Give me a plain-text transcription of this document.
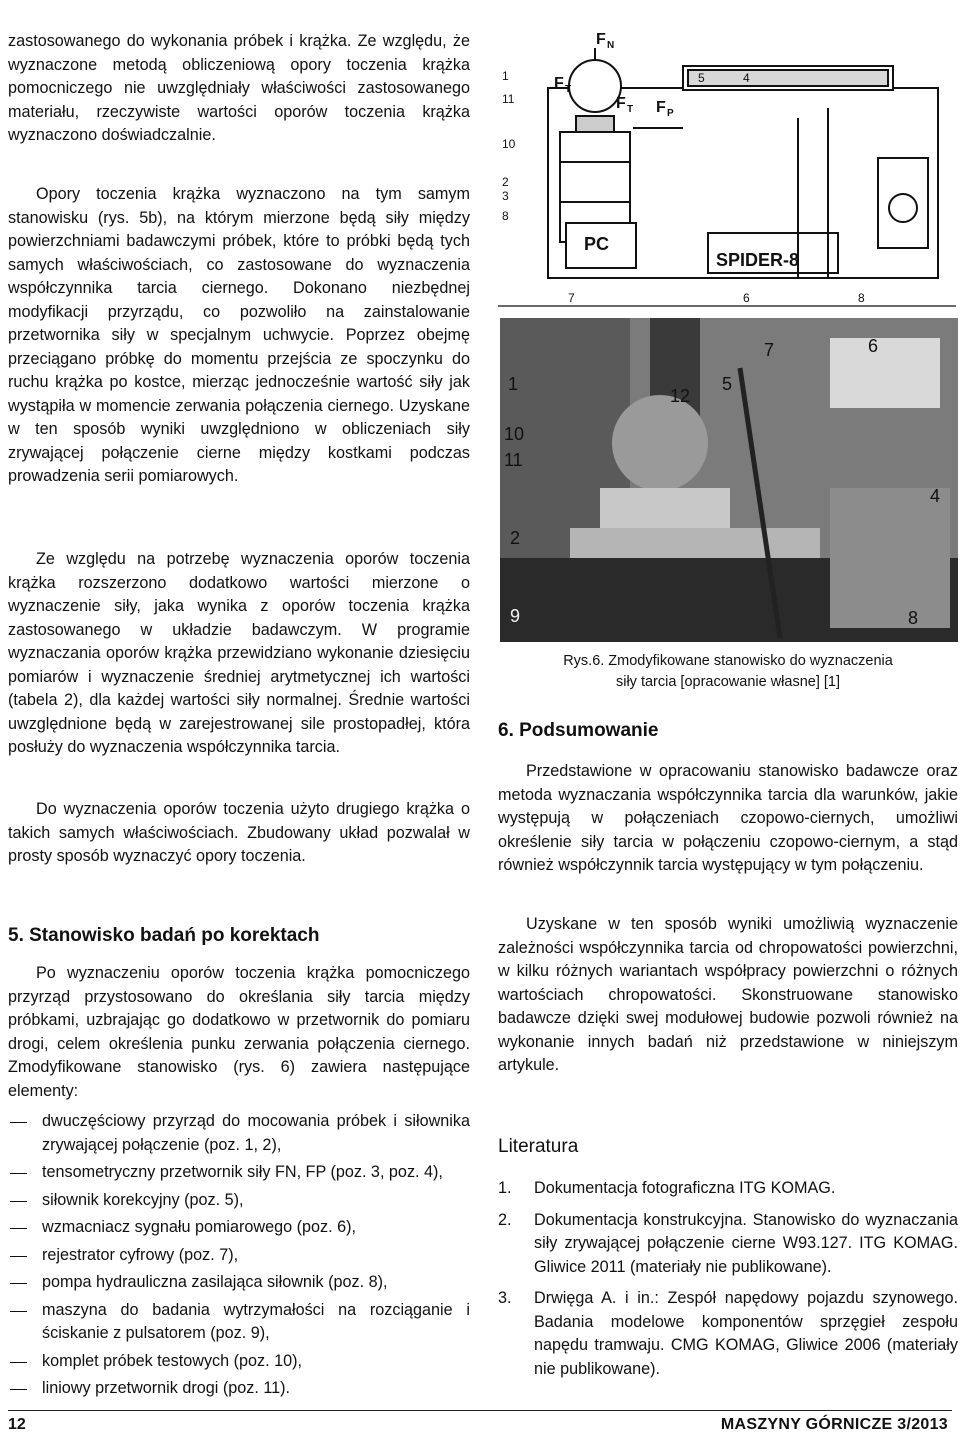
zastosowanego do wykonania próbek i krążka. Ze względu, że wyznaczone metodą obliczeniową opory toczenia krążka pomocniczego nie uwzględniały właściwości zastosowanego materiału, rzeczywiste wartości oporów toczenia krążka wyznaczono doświadczalnie.

Opory toczenia krążka wyznaczono na tym samym stanowisku (rys. 5b), na którym mierzone będą siły między powierzchniami badawczymi próbek, które to próbki będą tych samych właściwościach, co zastosowane do wyznaczenia współczynnika tarcia ciernego. Dokonano niezbędnej modyfikacji przyrządu, co pozwoliło na zainstalowanie przetwornika siły w specjalnym uchwycie. Poprzez obejmę przeciągano próbkę do momentu przejścia ze spoczynku do ruchu krążka po kostce, mierząc jednocześnie wartość siły jak wystąpiła w momencie zerwania połączenia ciernego. Uzyskane w ten sposób wyniki uwzględniono w obliczeniach siły zrywającej połączenie cierne między kostkami podczas prowadzenia serii pomiarowych.

Ze względu na potrzebę wyznaczenia oporów toczenia krążka rozszerzono dodatkowo wartości mierzone o wyznaczenie siły, jaka wynika z oporów toczenia krążka zastosowanego w układzie badawczym. W programie wyznaczania oporów krążka przewidziano wykonanie dziesięciu pomiarów i wyznaczenie średniej arytmetycznej ich wartości (tabela 2), dla każdej wartości siły normalnej. Średnie wartości uwzględnione będą w zarejestrowanej sile prostopadłej, która posłuży do wyznaczenia współczynnika tarcia.

Do wyznaczenia oporów toczenia użyto drugiego krążka o takich samych właściwościach. Zbudowany układ pozwalał w prosty sposób wyznaczyć opory toczenia.

5. Stanowisko badań po korektach

Po wyznaczeniu oporów toczenia krążka pomocniczego przyrząd przystosowano do określania siły tarcia między próbkami, uzbrajając go dodatkowo w przetwornik do pomiaru drogi, celem określenia punku zerwania połączenia ciernego. Zmodyfikowane stanowisko (rys. 6) zawiera następujące elementy:

dwuczęściowy przyrząd do mocowania próbek i siłownika zrywającej połączenie (poz. 1, 2),
tensometryczny przetwornik siły FN, FP (poz. 3, poz. 4),
siłownik korekcyjny (poz. 5),
wzmacniacz sygnału pomiarowego (poz. 6),
rejestrator cyfrowy (poz. 7),
pompa hydrauliczna zasilająca siłownik (poz. 8),
maszyna do badania wytrzymałości na rozciąganie i ściskanie z pulsatorem (poz. 9),
komplet próbek testowych (poz. 10),
liniowy przetwornik drogi (poz. 11).
F N
F T
F T F P
1
11
10
2
3
8
5	4
7	6	8
PC
SPIDER-8
1
10
11
2
9
12
5
7	6
4
8
Rys.6. Zmodyfikowane stanowisko do wyznaczenia
siły tarcia [opracowanie własne] [1]
6. Podsumowanie

Przedstawione w opracowaniu stanowisko badawcze oraz metoda wyznaczania współczynnika tarcia dla warunków, jakie występują w połączeniach czopowo-ciernych, umożliwi określenie siły tarcia w połączeniu czopowo-ciernym, a stąd również współczynnik tarcia występujący w tym połączeniu.

Uzyskane w ten sposób wyniki umożliwią wyznaczenie zależności współczynnika tarcia od chropowatości powierzchni, w kilku różnych wariantach współpracy powierzchni o różnych wartościach chropowatości. Skonstruowane stanowisko badawcze dzięki swej modułowej budowie pozwoli również na wykonanie innych badań niż przedstawione w niniejszym artykule.

Literatura
1. Dokumentacja fotograficzna ITG KOMAG.
2. Dokumentacja konstrukcyjna. Stanowisko do wyznaczania siły zrywającej połączenie cierne W93.127. ITG KOMAG. Gliwice 2011 (materiały nie publikowane).
3. Drwięga A. i in.: Zespół napędowy pojazdu szynowego. Badania modelowe komponentów sprzęgieł zespołu napędu tramwaju. CMG KOMAG, Gliwice 2006 (materiały nie publikowane).
12	MASZYNY GÓRNICZE 3/2013
